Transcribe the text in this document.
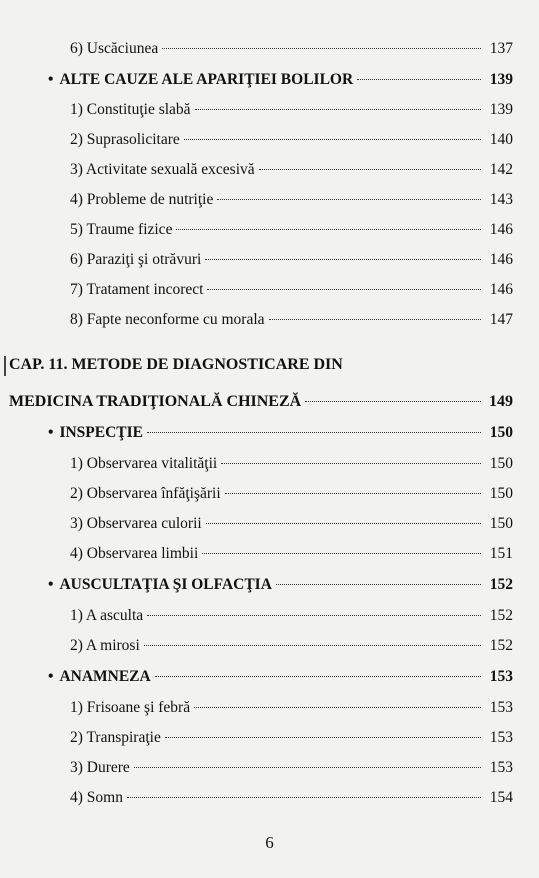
6) Uscăciunea	137
• ALTE CAUZE ALE APARIŢIEI BOLILOR	139
1) Constituţie slabă	139
2) Suprasolicitare	140
3) Activitate sexuală excesivă	142
4) Probleme de nutriţie	143
5) Traume fizice	146
6) Paraziţi şi otrăvuri	146
7) Tratament incorect	146
8) Fapte neconforme cu morala	147
CAP. 11. METODE DE DIAGNOSTICARE DIN
MEDICINA TRADIŢIONALĂ CHINEZĂ	149
• INSPECŢIE	150
1) Observarea vitalităţii	150
2) Observarea înfăţişării	150
3) Observarea culorii	150
4) Observarea limbii	151
• AUSCULTAŢIA ŞI OLFACŢIA	152
1) A asculta	152
2) A mirosi	152
• ANAMNEZA	153
1) Frisoane şi febră	153
2) Transpiraţie	153
3) Durere	153
4) Somn	154
6
